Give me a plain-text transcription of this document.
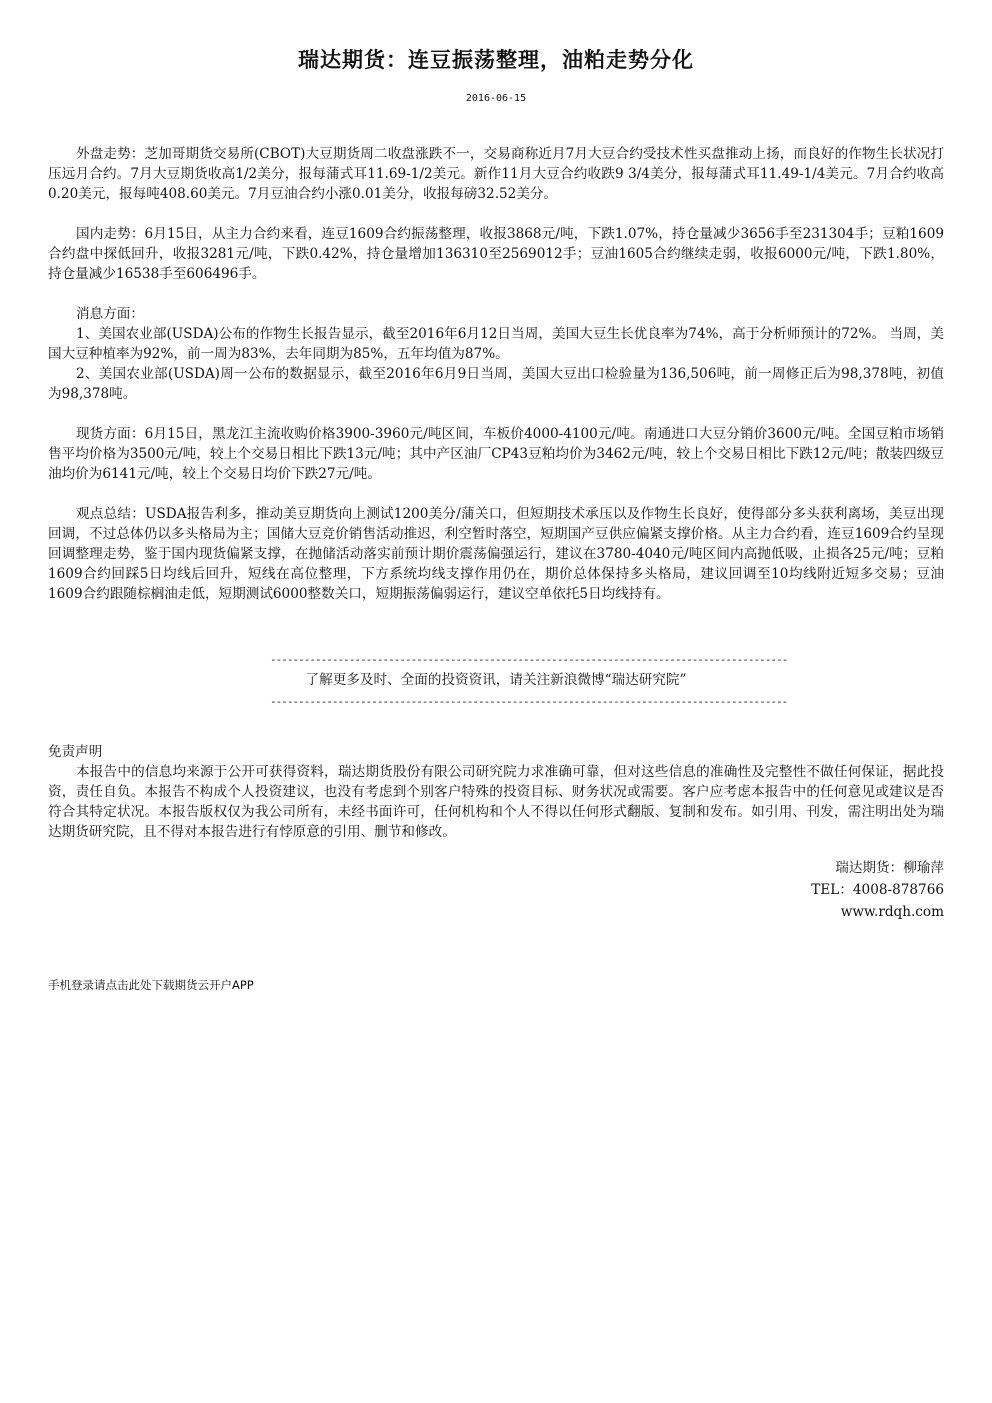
瑞达期货：连豆振荡整理，油粕走势分化
2016-06-15

外盘走势：芝加哥期货交易所(CBOT)大豆期货周二收盘涨跌不一，交易商称近月7月大豆合约受技术性买盘推动上扬，而良好的作物生长状况打压远月合约。7月大豆期货收高1/2美分，报每蒲式耳11.69-1/2美元。新作11月大豆合约收跌9 3/4美分，报每蒲式耳11.49-1/4美元。7月合约收高0.20美元，报每吨408.60美元。7月豆油合约小涨0.01美分，收报每磅32.52美分。

国内走势：6月15日，从主力合约来看，连豆1609合约振荡整理，收报3868元/吨，下跌1.07%，持仓量减少3656手至231304手；豆粕1609合约盘中探低回升，收报3281元/吨，下跌0.42%，持仓量增加136310至2569012手；豆油1605合约继续走弱，收报6000元/吨，下跌1.80%，持仓量减少16538手至606496手。

消息方面：

1、美国农业部(USDA)公布的作物生长报告显示，截至2016年6月12日当周，美国大豆生长优良率为74%，高于分析师预计的72%。 当周，美国大豆种植率为92%，前一周为83%，去年同期为85%，五年均值为87%。

2、美国农业部(USDA)周一公布的数据显示，截至2016年6月9日当周，美国大豆出口检验量为136,506吨，前一周修正后为98,378吨，初值为98,378吨。

现货方面：6月15日，黑龙江主流收购价格3900-3960元/吨区间，车板价4000-4100元/吨。南通进口大豆分销价3600元/吨。全国豆粕市场销售平均价格为3500元/吨，较上个交易日相比下跌13元/吨；其中产区油厂CP43豆粕均价为3462元/吨，较上个交易日相比下跌12元/吨；散装四级豆油均价为6141元/吨，较上个交易日均价下跌27元/吨。

观点总结：USDA报告利多，推动美豆期货向上测试1200美分/蒲关口，但短期技术承压以及作物生长良好，使得部分多头获利离场，美豆出现回调，不过总体仍以多头格局为主；国储大豆竞价销售活动推迟，利空暂时落空，短期国产豆供应偏紧支撑价格。从主力合约看，连豆1609合约呈现回调整理走势，鉴于国内现货偏紧支撑，在抛储活动落实前预计期价震荡偏强运行，建议在3780-4040元/吨区间内高抛低吸，止损各25元/吨；豆粕1609合约回踩5日均线后回升，短线在高位整理，下方系统均线支撑作用仍在，期价总体保持多头格局，建议回调至10均线附近短多交易；豆油1609合约跟随棕榈油走低，短期测试6000整数关口，短期振荡偏弱运行，建议空单依托5日均线持有。

--------------------------------------------------------------------------------------------
了解更多及时、全面的投资资讯，请关注新浪微博“瑞达研究院”
--------------------------------------------------------------------------------------------

免责声明

本报告中的信息均来源于公开可获得资料，瑞达期货股份有限公司研究院力求准确可靠，但对这些信息的准确性及完整性不做任何保证，据此投资，责任自负。本报告不构成个人投资建议，也没有考虑到个别客户特殊的投资目标、财务状况或需要。客户应考虑本报告中的任何意见或建议是否符合其特定状况。本报告版权仅为我公司所有，未经书面许可，任何机构和个人不得以任何形式翻版、复制和发布。如引用、刊发，需注明出处为瑞达期货研究院，且不得对本报告进行有悖原意的引用、删节和修改。

瑞达期货：柳瑜萍
TEL：4008-878766
www.rdqh.com
手机登录请点击此处下载期货云开户APP
